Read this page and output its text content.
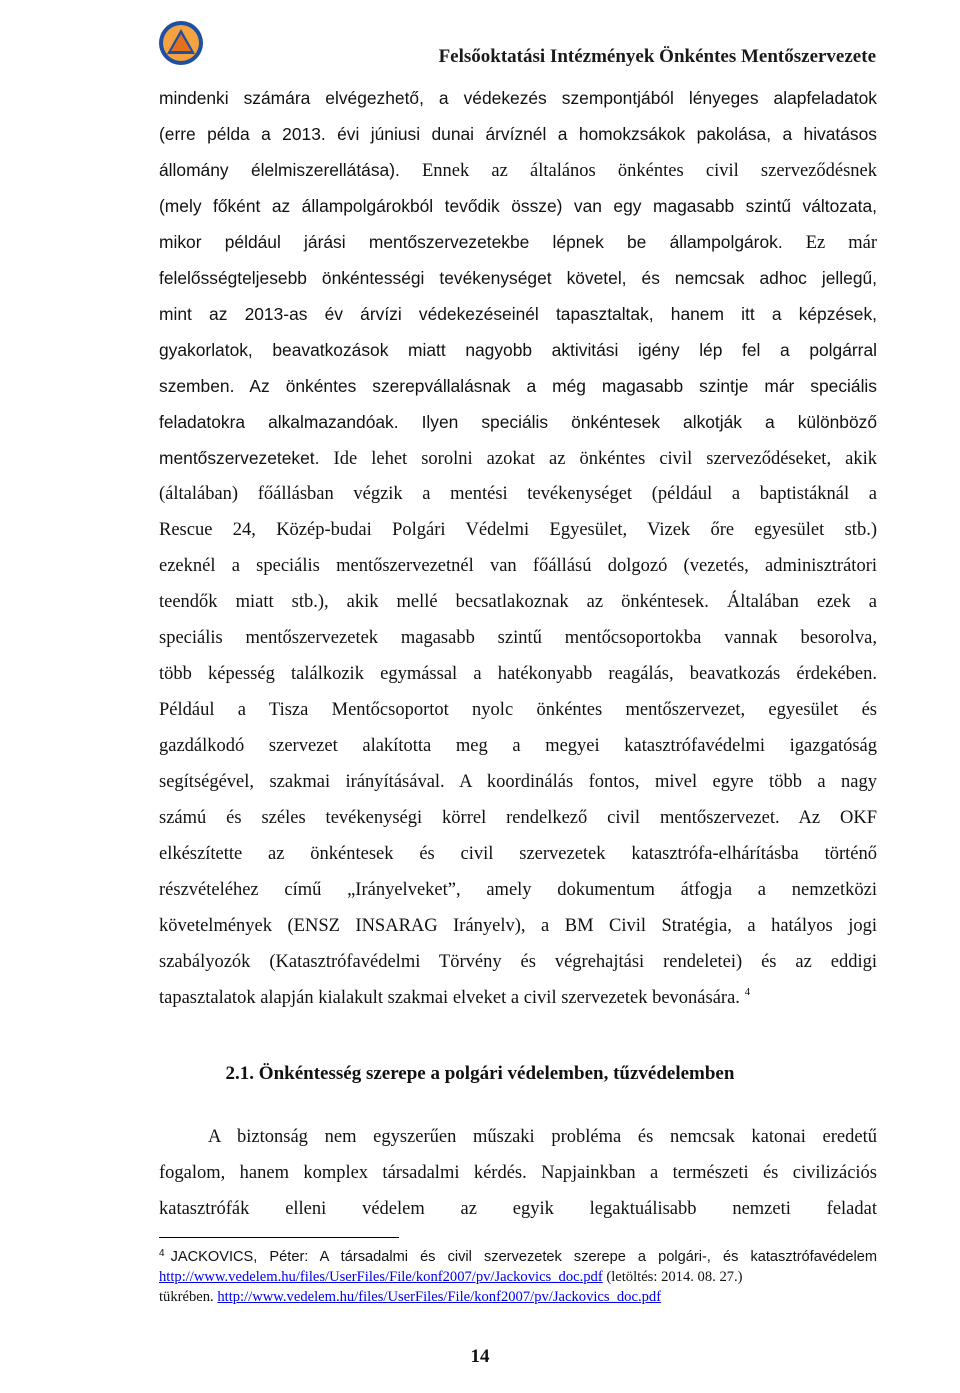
Felsőoktatási Intézmények Önkéntes Mentőszervezete
mindenki számára elvégezhető, a védekezés szempontjából lényeges alapfeladatok
(erre példa a 2013. évi júniusi dunai árvíznél a homokzsákok pakolása, a hivatásos
állomány élelmiszerellátása). Ennek az általános önkéntes civil szerveződésnek
(mely főként az állampolgárokból tevődik össze) van egy magasabb szintű változata,
mikor például járási mentőszervezetekbe lépnek be állampolgárok. Ez már
felelősségteljesebb önkéntességi tevékenységet követel, és nemcsak adhoc jellegű,
mint az 2013-as év árvízi védekezéseinél tapasztaltak, hanem itt a képzések,
gyakorlatok, beavatkozások miatt nagyobb aktivitási igény lép fel a polgárral
szemben. Az önkéntes szerepvállalásnak a még magasabb szintje már speciális
feladatokra alkalmazandóak. Ilyen speciális önkéntesek alkotják a különböző
mentőszervezeteket. Ide lehet sorolni azokat az önkéntes civil szerveződéseket, akik
(általában) főállásban végzik a mentési tevékenységet (például a baptistáknál a
Rescue 24, Közép-budai Polgári Védelmi Egyesület, Vizek őre egyesület stb.)
ezeknél a speciális mentőszervezetnél van főállású dolgozó (vezetés, adminisztrátori
teendők miatt stb.), akik mellé becsatlakoznak az önkéntesek. Általában ezek a
speciális mentőszervezetek magasabb szintű mentőcsoportokba vannak besorolva,
több képesség találkozik egymással a hatékonyabb reagálás, beavatkozás érdekében.
Például a Tisza Mentőcsoportot nyolc önkéntes mentőszervezet, egyesület és
gazdálkodó szervezet alakította meg a megyei katasztrófavédelmi igazgatóság
segítségével, szakmai irányításával. A koordinálás fontos, mivel egyre több a nagy
számú és széles tevékenységi körrel rendelkező civil mentőszervezet. Az OKF
elkészítette az önkéntesek és civil szervezetek katasztrófa-elhárításba történő
részvételéhez című „Irányelveket”, amely dokumentum átfogja a nemzetközi
követelmények (ENSZ INSARAG Irányelv), a BM Civil Stratégia, a hatályos jogi
szabályozók (Katasztrófavédelmi Törvény és végrehajtási rendeletei) és az eddigi
tapasztalatok alapján kialakult szakmai elveket a civil szervezetek bevonására. $^4$
2.1. Önkéntesség szerepe a polgári védelemben, tűzvédelemben
A biztonság nem egyszerűen műszaki probléma és nemcsak katonai eredetű
fogalom, hanem komplex társadalmi kérdés. Napjainkban a természeti és civilizációs
katasztrófák elleni védelem az egyik legaktuálisabb nemzeti feladat
$^4$ JACKOVICS, Péter: A társadalmi és civil szervezetek szerepe a polgári-, és katasztrófavédelem
http://www.vedelem.hu/files/UserFiles/File/konf2007/pv/Jackovics_doc.pdf (letöltés: 2014. 08. 27.)
tükrében. http://www.vedelem.hu/files/UserFiles/File/konf2007/pv/Jackovics_doc.pdf
14
